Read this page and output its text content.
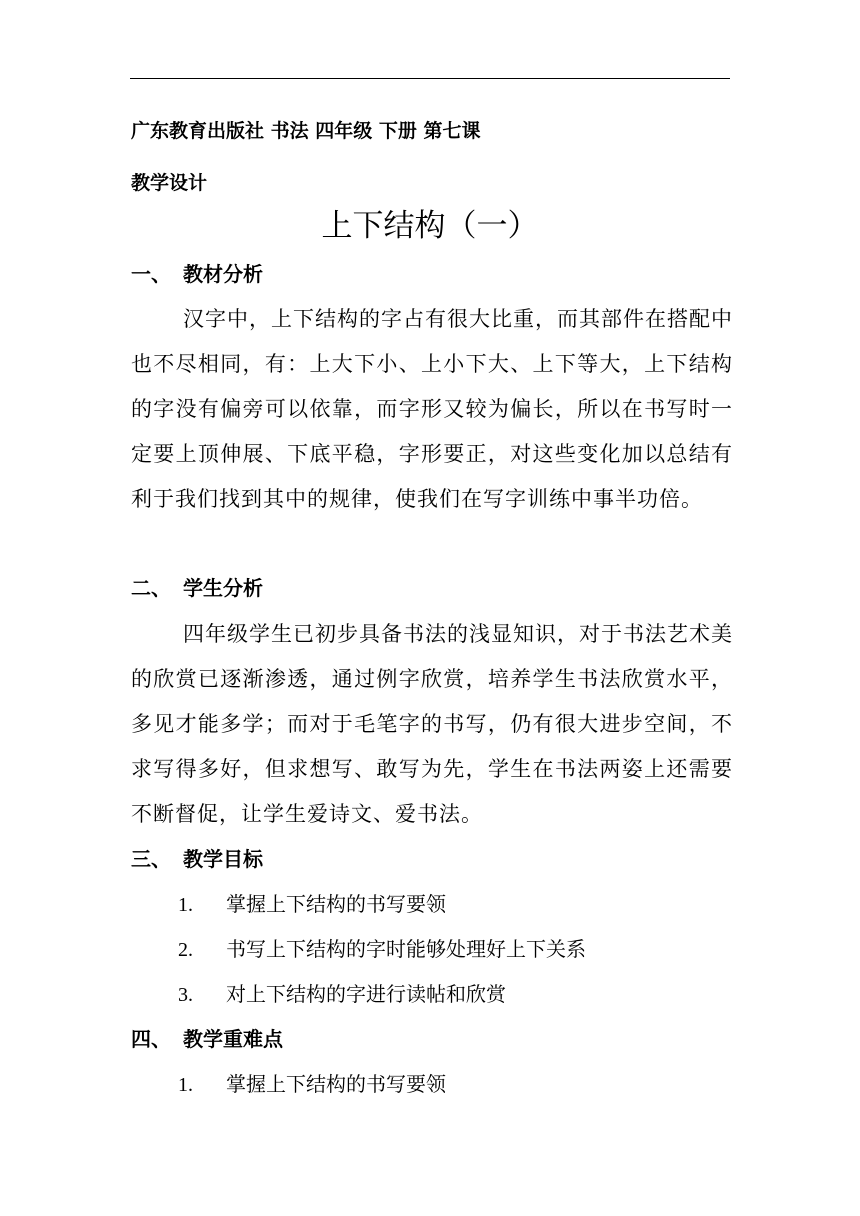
广东教育出版社 书法 四年级 下册 第七课
教学设计
上下结构（一）
一、 教材分析

汉字中，上下结构的字占有很大比重，而其部件在搭配中也不尽相同，有：上大下小、上小下大、上下等大，上下结构的字没有偏旁可以依靠，而字形又较为偏长，所以在书写时一定要上顶伸展、下底平稳，字形要正，对这些变化加以总结有利于我们找到其中的规律，使我们在写字训练中事半功倍。

二、 学生分析

四年级学生已初步具备书法的浅显知识，对于书法艺术美的欣赏已逐渐渗透，通过例字欣赏，培养学生书法欣赏水平，多见才能多学；而对于毛笔字的书写，仍有很大进步空间，不求写得多好，但求想写、敢写为先，学生在书法两姿上还需要不断督促，让学生爱诗文、爱书法。

三、 教学目标
1. 掌握上下结构的书写要领
2. 书写上下结构的字时能够处理好上下关系
3. 对上下结构的字进行读帖和欣赏
四、 教学重难点
1. 掌握上下结构的书写要领
